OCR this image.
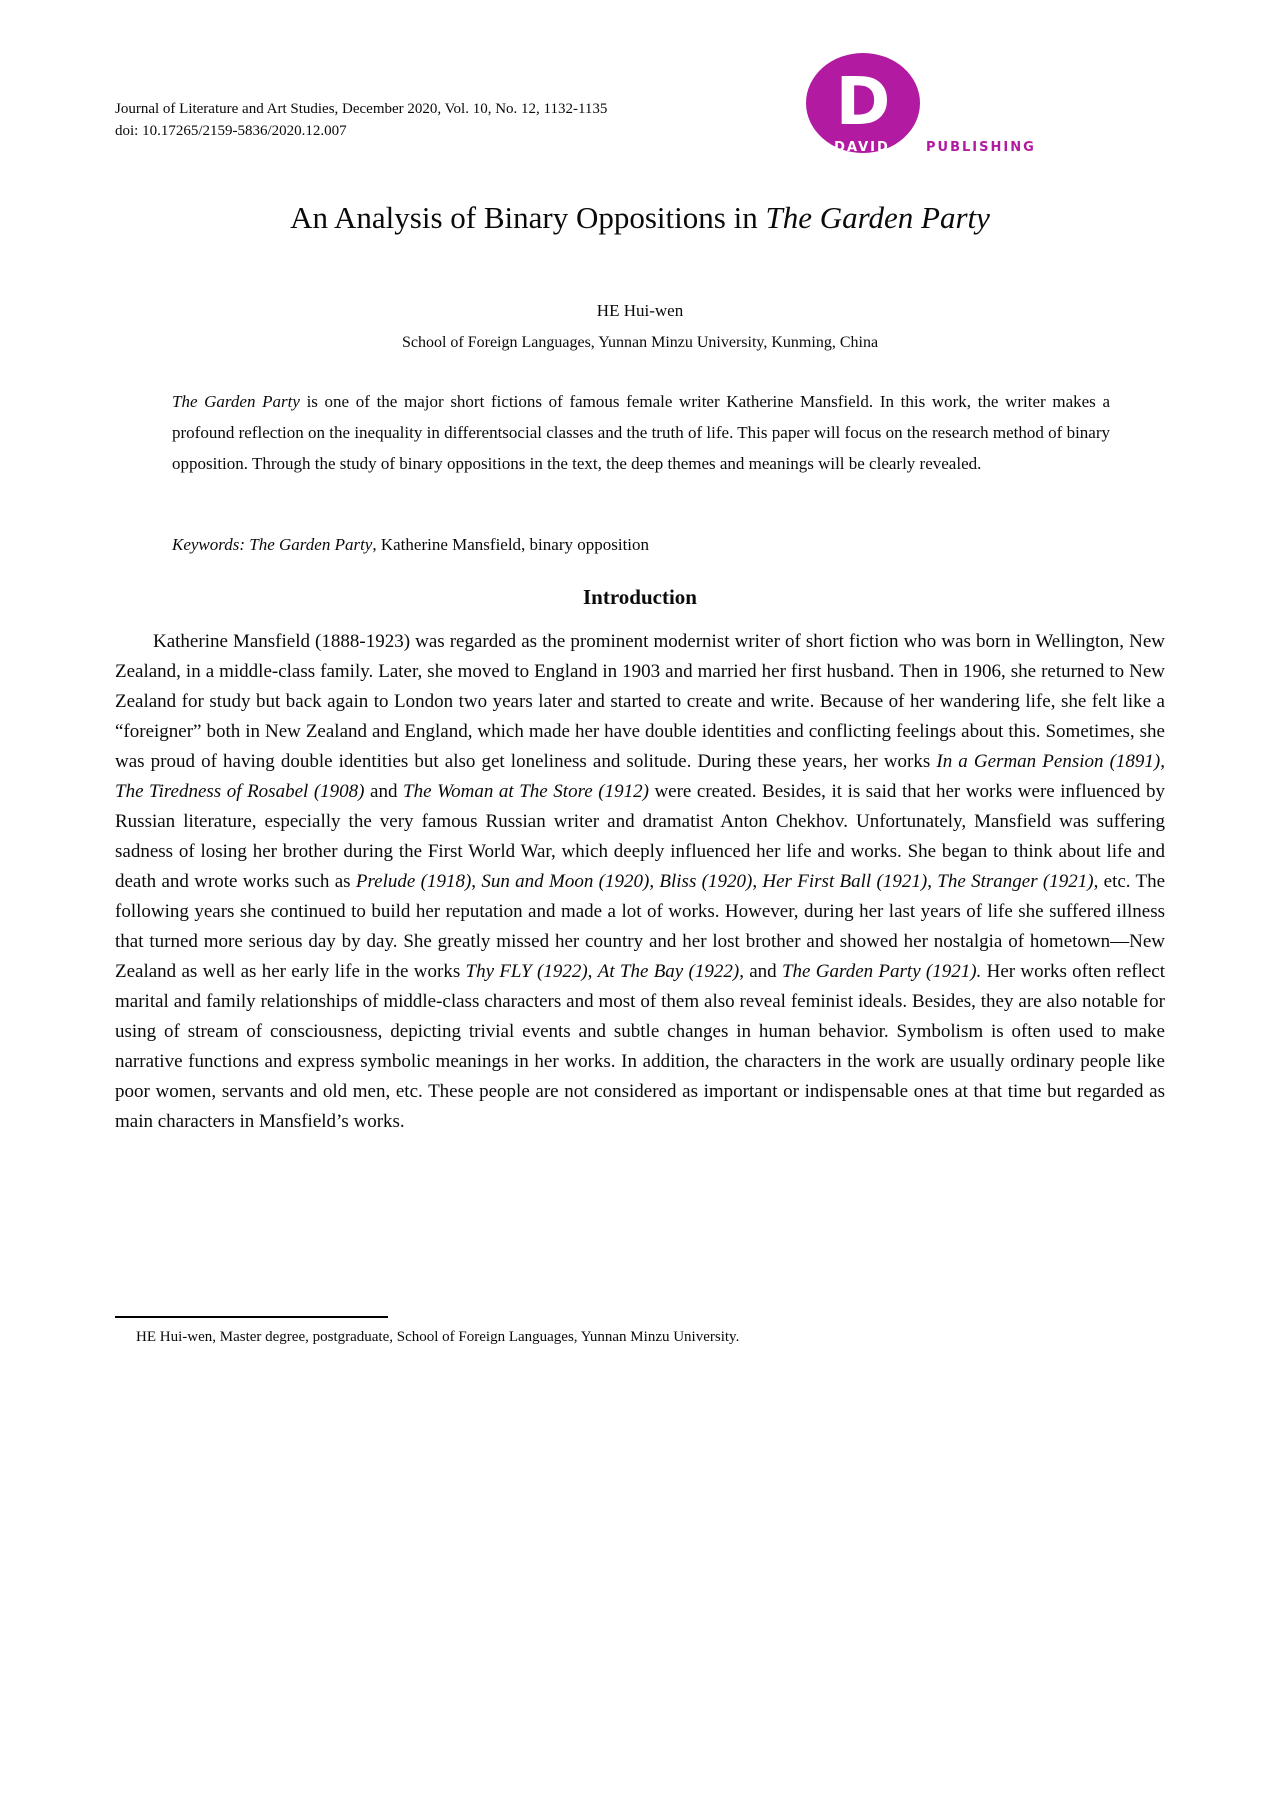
Journal of Literature and Art Studies, December 2020, Vol. 10, No. 12, 1132-1135
doi: 10.17265/2159-5836/2020.12.007	D
DAVID	PUBLISHING
An Analysis of Binary Oppositions in The Garden Party
HE Hui-wen
School of Foreign Languages, Yunnan Minzu University, Kunming, China

The Garden Party is one of the major short fictions of famous female writer Katherine Mansfield. In this work, the writer makes a profound reflection on the inequality in differentsocial classes and the truth of life. This paper will focus on the research method of binary opposition. Through the study of binary oppositions in the text, the deep themes and meanings will be clearly revealed.

Keywords: The Garden Party, Katherine Mansfield, binary opposition

Introduction

Katherine Mansfield (1888-1923) was regarded as the prominent modernist writer of short fiction who was born in Wellington, New Zealand, in a middle-class family. Later, she moved to England in 1903 and married her first husband. Then in 1906, she returned to New Zealand for study but back again to London two years later and started to create and write. Because of her wandering life, she felt like a “foreigner” both in New Zealand and England, which made her have double identities and conflicting feelings about this. Sometimes, she was proud of having double identities but also get loneliness and solitude. During these years, her works In a German Pension (1891), The Tiredness of Rosabel (1908) and The Woman at The Store (1912) were created. Besides, it is said that her works were influenced by Russian literature, especially the very famous Russian writer and dramatist Anton Chekhov. Unfortunately, Mansfield was suffering sadness of losing her brother during the First World War, which deeply influenced her life and works. She began to think about life and death and wrote works such as Prelude (1918), Sun and Moon (1920), Bliss (1920), Her First Ball (1921), The Stranger (1921), etc. The following years she continued to build her reputation and made a lot of works. However, during her last years of life she suffered illness that turned more serious day by day. She greatly missed her country and her lost brother and showed her nostalgia of hometown—New Zealand as well as her early life in the works Thy FLY (1922), At The Bay (1922), and The Garden Party (1921). Her works often reflect marital and family relationships of middle-class characters and most of them also reveal feminist ideals. Besides, they are also notable for using of stream of consciousness, depicting trivial events and subtle changes in human behavior. Symbolism is often used to make narrative functions and express symbolic meanings in her works. In addition, the characters in the work are usually ordinary people like poor women, servants and old men, etc. These people are not considered as important or indispensable ones at that time but regarded as main characters in Mansfield’s works.

HE Hui-wen, Master degree, postgraduate, School of Foreign Languages, Yunnan Minzu University.
